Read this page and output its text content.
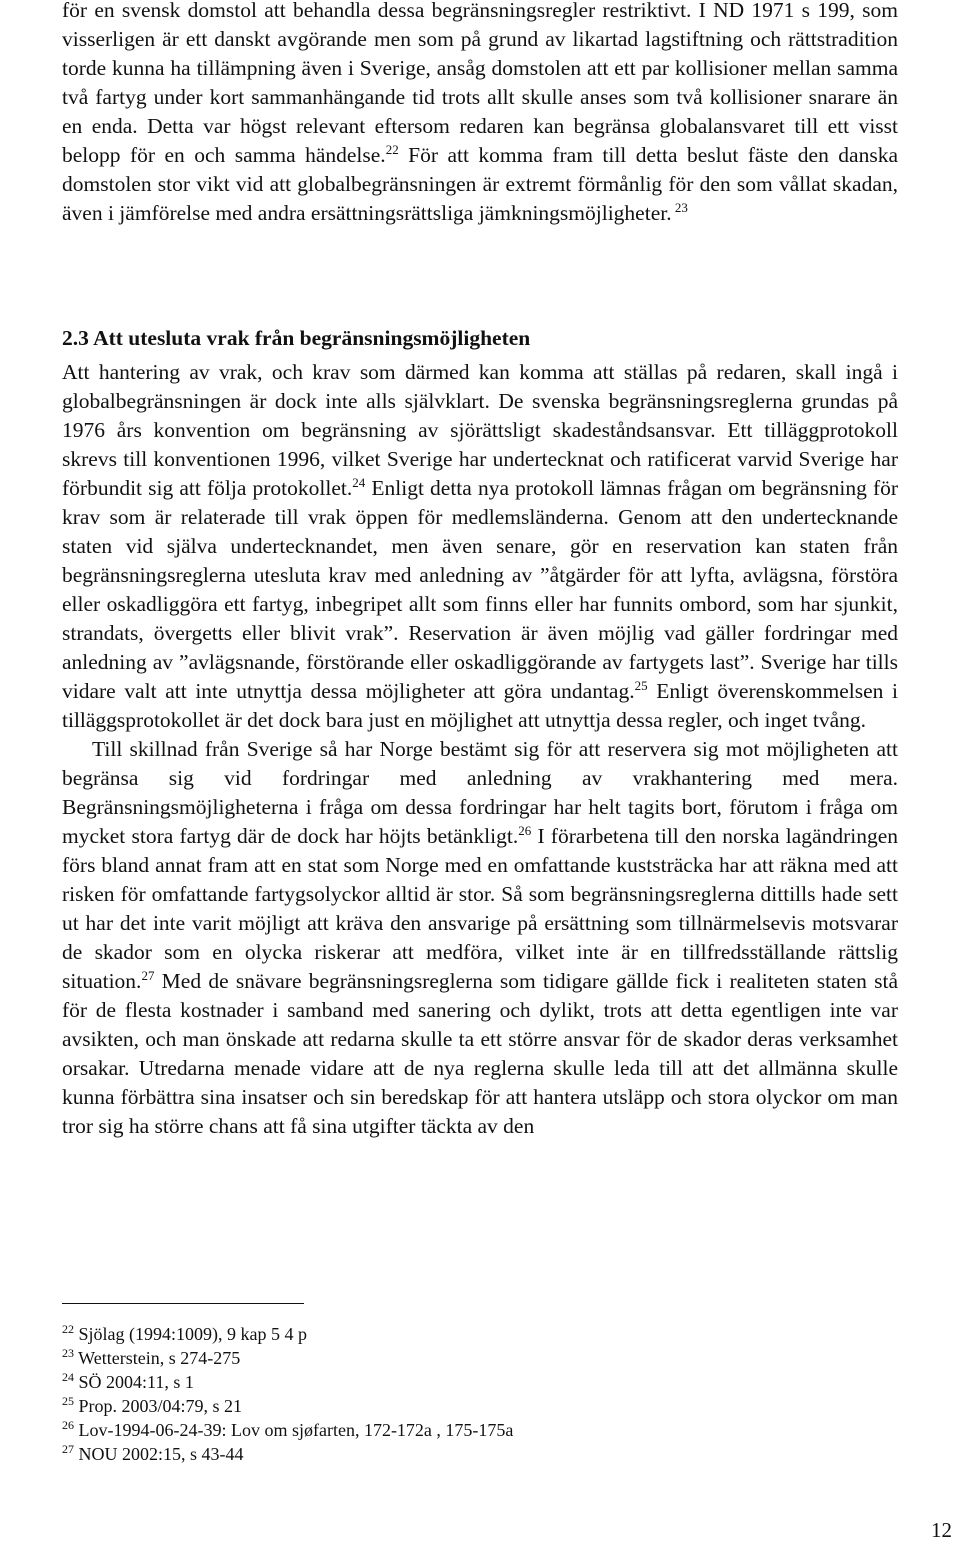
för en svensk domstol att behandla dessa begränsningsregler restriktivt. I ND 1971 s 199, som visserligen är ett danskt avgörande men som på grund av likartad lagstiftning och rättstradition torde kunna ha tillämpning även i Sverige, ansåg domstolen att ett par kollisioner mellan samma två fartyg under kort sammanhängande tid trots allt skulle anses som två kollisioner snarare än en enda. Detta var högst relevant eftersom redaren kan begränsa globalansvaret till ett visst belopp för en och samma händelse.$^{22}$ För att komma fram till detta beslut fäste den danska domstolen stor vikt vid att globalbegränsningen är extremt förmånlig för den som vållat skadan, även i jämförelse med andra ersättningsrättsliga jämkningsmöjligheter. $^{23}$

2.3 Att utesluta vrak från begränsningsmöjligheten

Att hantering av vrak, och krav som därmed kan komma att ställas på redaren, skall ingå i globalbegränsningen är dock inte alls självklart. De svenska begränsningsreglerna grundas på 1976 års konvention om begränsning av sjörättsligt skadeståndsansvar. Ett tilläggprotokoll skrevs till konventionen 1996, vilket Sverige har undertecknat och ratificerat varvid Sverige har förbundit sig att följa protokollet.$^{24}$ Enligt detta nya protokoll lämnas frågan om begränsning för krav som är relaterade till vrak öppen för medlemsländerna. Genom att den undertecknande staten vid själva undertecknandet, men även senare, gör en reservation kan staten från begränsningsreglerna utesluta krav med anledning av ”åtgärder för att lyfta, avlägsna, förstöra eller oskadliggöra ett fartyg, inbegripet allt som finns eller har funnits ombord, som har sjunkit, strandats, övergetts eller blivit vrak”. Reservation är även möjlig vad gäller fordringar med anledning av ”avlägsnande, förstörande eller oskadliggörande av fartygets last”. Sverige har tills vidare valt att inte utnyttja dessa möjligheter att göra undantag.$^{25}$ Enligt överenskommelsen i tilläggsprotokollet är det dock bara just en möjlighet att utnyttja dessa regler, och inget tvång.

Till skillnad från Sverige så har Norge bestämt sig för att reservera sig mot möjligheten att begränsa sig vid fordringar med anledning av vrakhantering med mera. Begränsningsmöjligheterna i fråga om dessa fordringar har helt tagits bort, förutom i fråga om mycket stora fartyg där de dock har höjts betänkligt.$^{26}$ I förarbetena till den norska lagändringen förs bland annat fram att en stat som Norge med en omfattande kuststräcka har att räkna med att risken för omfattande fartygsolyckor alltid är stor. Så som begränsningsreglerna dittills hade sett ut har det inte varit möjligt att kräva den ansvarige på ersättning som tillnärmelsevis motsvarar de skador som en olycka riskerar att medföra, vilket inte är en tillfredsställande rättslig situation.$^{27}$ Med de snävare begränsningsreglerna som tidigare gällde fick i realiteten staten stå för de flesta kostnader i samband med sanering och dylikt, trots att detta egentligen inte var avsikten, och man önskade att redarna skulle ta ett större ansvar för de skador deras verksamhet orsakar. Utredarna menade vidare att de nya reglerna skulle leda till att det allmänna skulle kunna förbättra sina insatser och sin beredskap för att hantera utsläpp och stora olyckor om man tror sig ha större chans att få sina utgifter täckta av den

$^{22}$ Sjölag (1994:1009), 9 kap 5 4 p
$^{23}$ Wetterstein, s 274-275
$^{24}$ SÖ 2004:11, s 1
$^{25}$ Prop. 2003/04:79, s 21
$^{26}$ Lov-1994-06-24-39: Lov om sjøfarten, 172-172a , 175-175a
$^{27}$ NOU 2002:15, s 43-44
12
